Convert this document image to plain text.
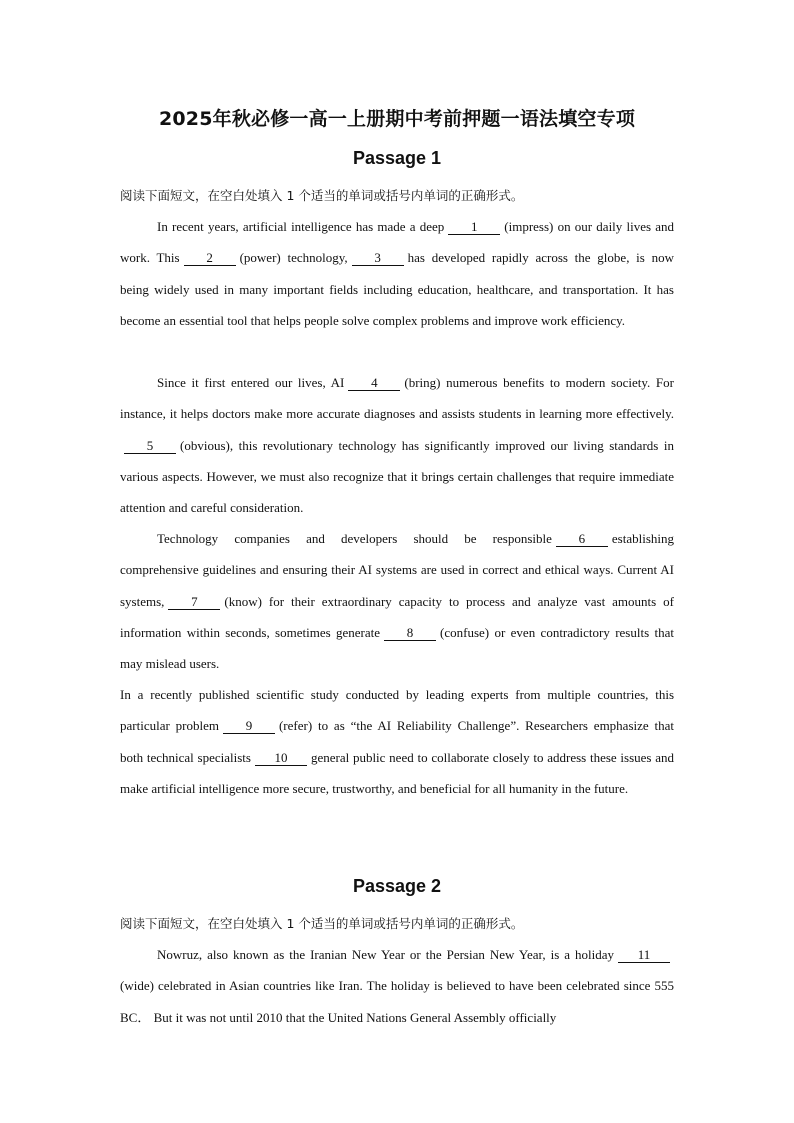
2025年秋必修一高一上册期中考前押题一语法填空专项
Passage 1
阅读下面短文，在空白处填入 1 个适当的单词或括号内单词的正确形式。

In recent years, artificial intelligence has made a deep 1 (impress) on our daily lives and work. This 2 (power) technology, 3 has developed rapidly across the globe, is now being widely used in many important fields including education, healthcare, and transportation. It has become an essential tool that helps people solve complex problems and improve work efficiency.

Since it first entered our lives, AI 4 (bring) numerous benefits to modern society. For instance, it helps doctors make more accurate diagnoses and assists students in learning more effectively. 5 (obvious), this revolutionary technology has significantly improved our living standards in various aspects. However, we must also recognize that it brings certain challenges that require immediate attention and careful consideration.

Technology companies and developers should be responsible 6 establishing comprehensive guidelines and ensuring their AI systems are used in correct and ethical ways. Current AI systems, 7 (know) for their extraordinary capacity to process and analyze vast amounts of information within seconds, sometimes generate 8 (confuse) or even contradictory results that may mislead users.

In a recently published scientific study conducted by leading experts from multiple countries, this particular problem 9 (refer) to as “the AI Reliability Challenge”. Researchers emphasize that both technical specialists 10 general public need to collaborate closely to address these issues and make artificial intelligence more secure, trustworthy, and beneficial for all humanity in the future.

Passage 2
阅读下面短文，在空白处填入 1 个适当的单词或括号内单词的正确形式。

Nowruz, also known as the Iranian New Year or the Persian New Year, is a holiday 11(wide) celebrated in Asian countries like Iran. The holiday is believed to have been celebrated since 555 BC． But it was not until 2010 that the United Nations General Assembly officially
